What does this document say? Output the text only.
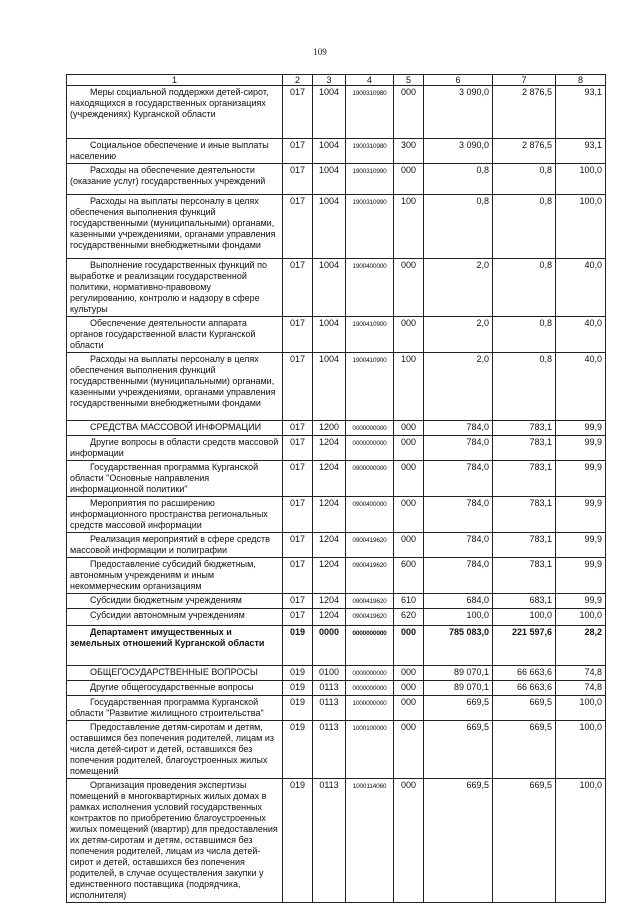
109
1	2	3	4	5	6	7	8

Меры социальной поддержки детей-сирот, находящихся в государственных организациях (учреждениях) Курганской области	017	1004	1900310980	000	3 090,0	2 876,5	93,1

Социальное обеспечение и иные выплаты населению	017	1004	1900310980	300	3 090,0	2 876,5	93,1

Расходы на обеспечение деятельности (оказание услуг) государственных учреждений	017	1004	1900310990	000	0,8	0,8	100,0

Расходы на выплаты персоналу в целях обеспечения выполнения функций государственными (муниципальными) органами, казенными учреждениями, органами управления государственными внебюджетными фондами	017	1004	1900310990	100	0,8	0,8	100,0

Выполнение государственных функций по выработке и реализации государственной политики, нормативно-правовому регулированию, контролю и надзору в сфере культуры	017	1004	1900400000	000	2,0	0,8	40,0

Обеспечение деятельности аппарата органов государственной власти Курганской области	017	1004	1900410900	000	2,0	0,8	40,0

Расходы на выплаты персоналу в целях обеспечения выполнения функций государственными (муниципальными) органами, казенными учреждениями, органами управления государственными внебюджетными фондами	017	1004	1900410900	100	2,0	0,8	40,0

СРЕДСТВА МАССОВОЙ ИНФОРМАЦИИ	017	1200	0000000000	000	784,0	783,1	99,9

Другие вопросы в области средств массовой информации	017	1204	0000000000	000	784,0	783,1	99,9

Государственная программа Курганской области "Основные направления информационной политики"	017	1204	0900000000	000	784,0	783,1	99,9

Мероприятия по расширению информационного пространства региональных средств массовой информации	017	1204	0900400000	000	784,0	783,1	99,9

Реализация мероприятий в сфере средств массовой информации и полиграфии	017	1204	0900419620	000	784,0	783,1	99,9

Предоставление субсидий бюджетным, автономным учреждениям и иным некоммерческим организациям	017	1204	0900419620	600	784,0	783,1	99,9

Субсидии бюджетным учреждениям	017	1204	0900419620	610	684,0	683,1	99,9

Субсидии автономным учреждениям	017	1204	0900419620	620	100,0	100,0	100,0

Департамент имущественных и земельных отношений Курганской области	019	0000	0000000000	000	785 083,0	221 597,6	28,2

ОБЩЕГОСУДАРСТВЕННЫЕ ВОПРОСЫ	019	0100	0000000000	000	89 070,1	66 663,6	74,8

Другие общегосударственные вопросы	019	0113	0000000000	000	89 070,1	66 663,6	74,8

Государственная программа Курганской области "Развитие жилищного строительства"	019	0113	1000000000	000	669,5	669,5	100,0

Предоставление детям-сиротам и детям, оставшимся без попечения родителей, лицам из числа детей-сирот и детей, оставшихся без попечения родителей, благоустроенных жилых помещений	019	0113	1000100000	000	669,5	669,5	100,0

Организация проведения экспертизы помещений в многоквартирных жилых домах в рамках исполнения условий государственных контрактов по приобретению благоустроенных жилых помещений (квартир) для предоставления их детям-сиротам и детям, оставшимся без попечения родителей, лицам из числа детей-сирот и детей, оставшихся без попечения родителей, в случае осуществления закупки у единственного поставщика (подрядчика, исполнителя)	019	0113	1000114060	000	669,5	669,5	100,0
